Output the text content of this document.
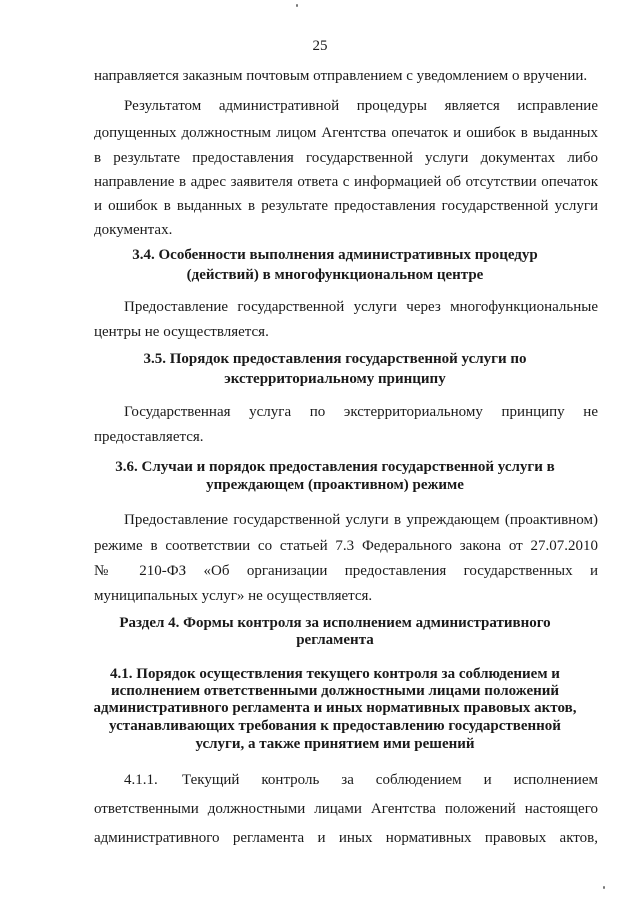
25
направляется заказным почтовым отправлением с уведомлением о вручении.
Результатом административной процедуры является исправление
допущенных должностным лицом Агентства опечаток и ошибок в выданных
в результате предоставления государственной услуги документах либо
направление в адрес заявителя ответа с информацией об отсутствии опечаток
и ошибок в выданных в результате предоставления государственной услуги
документах.
3.4. Особенности выполнения административных процедур
(действий) в многофункциональном центре
Предоставление государственной услуги через многофункциональные
центры не осуществляется.
3.5. Порядок предоставления государственной услуги по
экстерриториальному принципу
Государственная услуга по экстерриториальному принципу не
предоставляется.
3.6. Случаи и порядок предоставления государственной услуги в
упреждающем (проактивном) режиме
Предоставление государственной услуги в упреждающем (проактивном)
режиме в соответствии со статьей 7.3 Федерального закона от 27.07.2010
№ 210-ФЗ «Об организации предоставления государственных и
муниципальных услуг» не осуществляется.
Раздел 4. Формы контроля за исполнением административного
регламента
4.1. Порядок осуществления текущего контроля за соблюдением и
исполнением ответственными должностными лицами положений
административного регламента и иных нормативных правовых актов,
устанавливающих требования к предоставлению государственной
услуги, а также принятием ими решений
4.1.1. Текущий контроль за соблюдением и исполнением
ответственными должностными лицами Агентства положений настоящего
административного регламента и иных нормативных правовых актов,
